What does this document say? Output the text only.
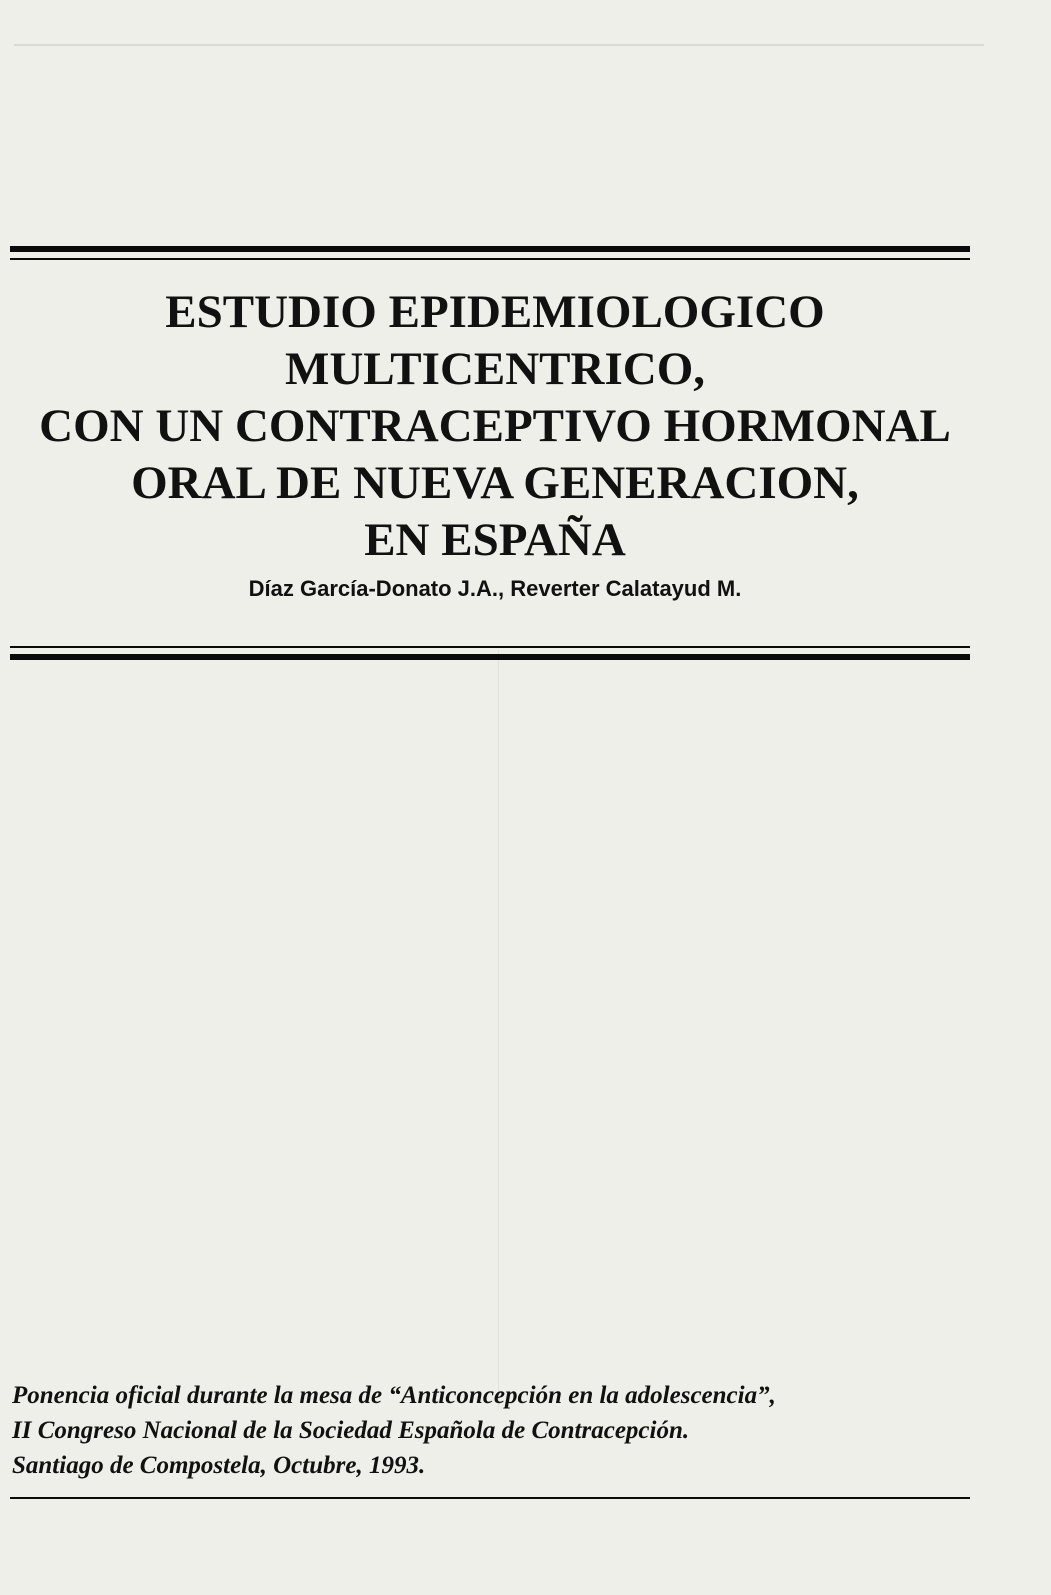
ESTUDIO EPIDEMIOLOGICO
MULTICENTRICO,
CON UN CONTRACEPTIVO HORMONAL
ORAL DE NUEVA GENERACION,
EN ESPAÑA
Díaz García-Donato J.A., Reverter Calatayud M.
Ponencia oficial durante la mesa de “Anticoncepción en la adolescencia”,
II Congreso Nacional de la Sociedad Española de Contracepción.
Santiago de Compostela, Octubre, 1993.
